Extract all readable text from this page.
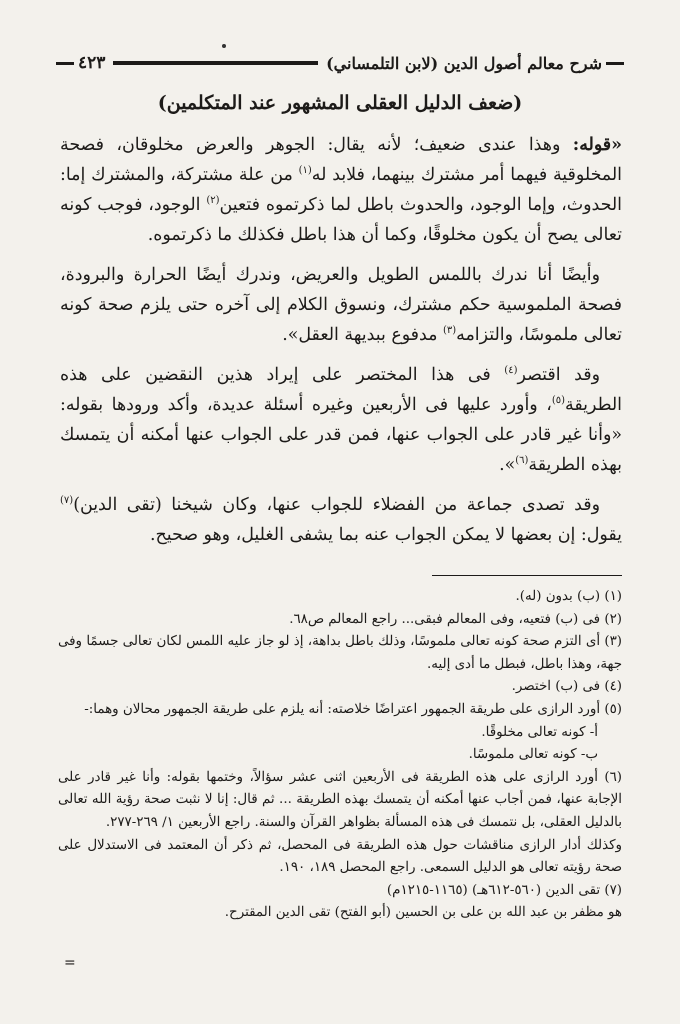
شرح معالم أصول الدين (لابن التلمساني)
٤٢٣
(ضعف الدليل العقلى المشهور عند المتكلمين)

«قوله: وهذا عندى ضعيف؛ لأنه يقال: الجوهر والعرض مخلوقان، فصحة المخلوقية فيهما أمر مشترك بينهما، فلابد له$^{(١)}$ من علة مشتركة، والمشترك إما: الحدوث، وإما الوجود، والحدوث باطل لما ذكرتموه فتعين$^{(٢)}$ الوجود، فوجب كونه تعالى يصح أن يكون مخلوقًا، وكما أن هذا باطل فكذلك ما ذكرتموه.

وأيضًا أنا ندرك باللمس الطويل والعريض، وندرك أيضًا الحرارة والبرودة، فصحة الملموسية حكم مشترك، ونسوق الكلام إلى آخره حتى يلزم صحة كونه تعالى ملموسًا، والتزامه$^{(٣)}$ مدفوع ببديهة العقل».

وقد اقتصر$^{(٤)}$ فى هذا المختصر على إيراد هذين النقضين على هذه الطريقة$^{(٥)}$، وأورد عليها فى الأربعين وغيره أسئلة عديدة، وأكد ورودها بقوله: «وأنا غير قادر على الجواب عنها، فمن قدر على الجواب عنها أمكنه أن يتمسك بهذه الطريقة$^{(٦)}$».

وقد تصدى جماعة من الفضلاء للجواب عنها، وكان شيخنا (تقى الدين)$^{(٧)}$ يقول: إن بعضها لا يمكن الجواب عنه بما يشفى الغليل، وهو صحيح.

(١) (ب) بدون (له).

(٢) فى (ب) فتعيه، وفى المعالم فبقى... راجع المعالم ص٦٨.

(٣) أى التزم صحة كونه تعالى ملموسًا، وذلك باطل بداهة، إذ لو جاز عليه اللمس لكان تعالى جسمًا وفى جهة، وهذا باطل، فبطل ما أدى إليه.

(٤) فى (ب) اختصر.

(٥) أورد الرازى على طريقة الجمهور اعتراضًا خلاصته: أنه يلزم على طريقة الجمهور محالان وهما:-

أ- كونه تعالى مخلوقًا.

ب- كونه تعالى ملموسًا.

(٦) أورد الرازى على هذه الطريقة فى الأربعين اثنى عشر سؤالاً، وختمها بقوله: وأنا غير قادر على الإجابة عنها، فمن أجاب عنها أمكنه أن يتمسك بهذه الطريقة ... ثم قال: إنا لا نثبت صحة رؤية الله تعالى بالدليل العقلى، بل نتمسك فى هذه المسألة بظواهر القرآن والسنة. راجع الأربعين ١/ ٢٦٩-٢٧٧.

وكذلك أدار الرازى مناقشات حول هذه الطريقة فى المحصل، ثم ذكر أن المعتمد فى الاستدلال على صحة رؤيته تعالى هو الدليل السمعى. راجع المحصل ١٨٩، ١٩٠.

(٧) تقى الدين (٥٦٠-٦١٢هـ) (١١٦٥-١٢١٥م)

هو مظفر بن عبد الله بن على بن الحسين (أبو الفتح) تقى الدين المقترح.

=
